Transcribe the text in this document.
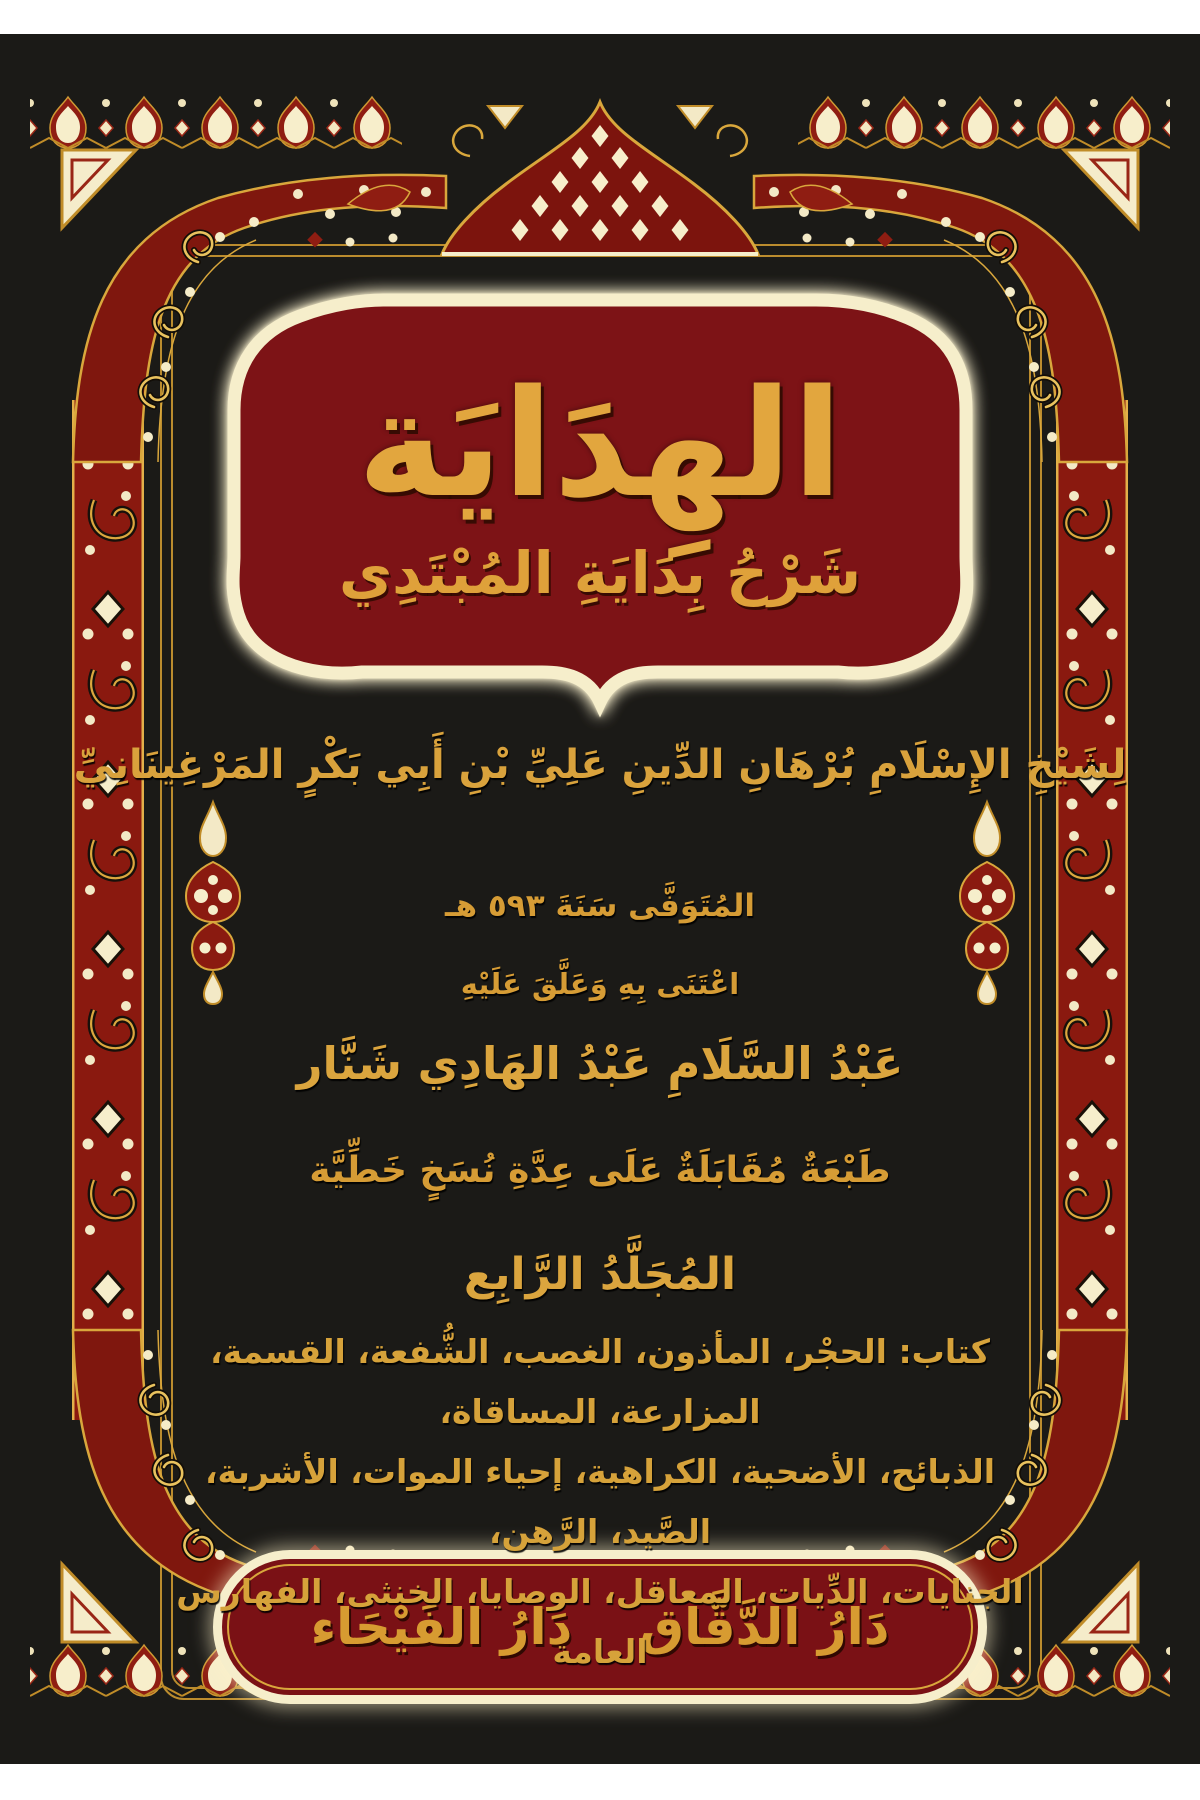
الهِدَايَة
شَرْحُ بِدَايَةِ المُبْتَدِي
لِشَيْخِ الإِسْلَامِ بُرْهَانِ الدِّينِ عَلِيِّ بْنِ أَبِي بَكْرٍ المَرْغِينَانِيِّ
المُتَوَفَّى سَنَةَ ٥٩٣ هـ
اعْتَنَى بِهِ وَعَلَّقَ عَلَيْهِ
عَبْدُ السَّلَامِ عَبْدُ الهَادِي شَنَّار
طَبْعَةٌ مُقَابَلَةٌ عَلَى عِدَّةِ نُسَخٍ خَطِّيَّة
المُجَلَّدُ الرَّابِع
كتاب: الحجْر، المأذون، الغصب، الشُّفعة، القسمة، المزارعة، المساقاة،
الذبائح، الأضحية، الكراهية، إحياء الموات، الأشربة، الصَّيد، الرَّهن،
الجنايات، الدِّيات، المعاقل، الوصايا، الخنثى، الفهارس العامة
دَارُ الدَّقَّاق
دَارُ الفَيْحَاء
